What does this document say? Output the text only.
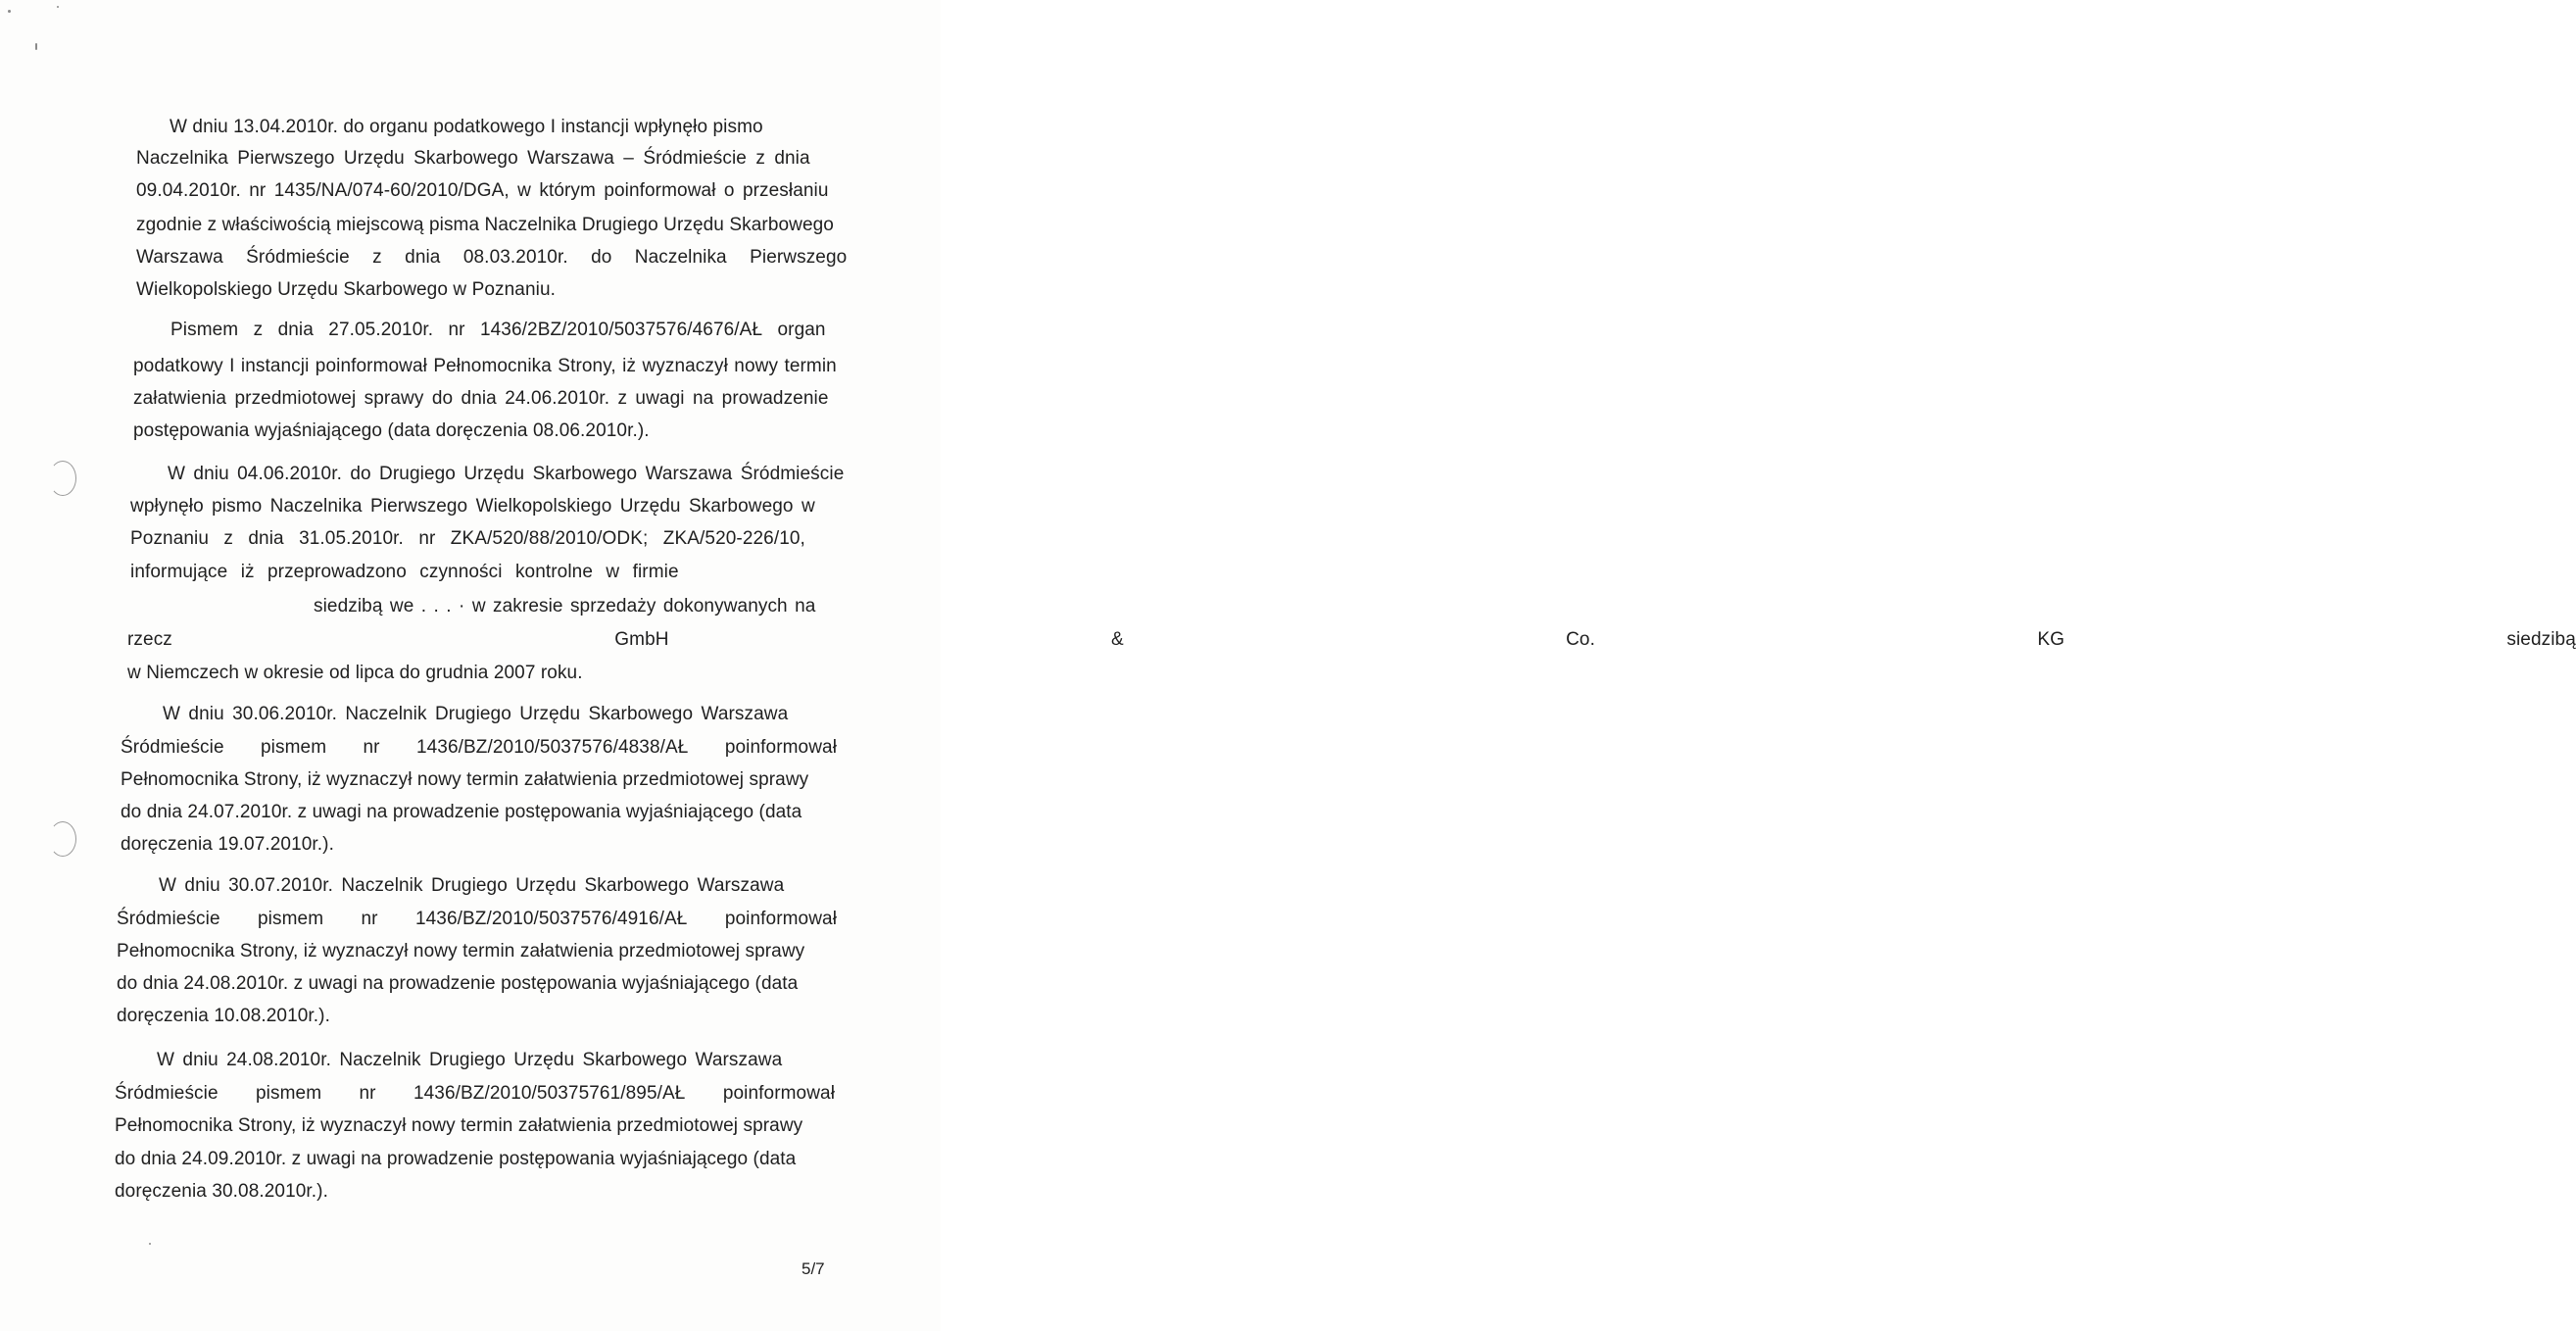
W dniu 13.04.2010r. do organu podatkowego I instancji wpłynęło pismo
Naczelnika Pierwszego Urzędu Skarbowego Warszawa – Śródmieście z dnia
09.04.2010r. nr 1435/NA/074-60/2010/DGA, w którym poinformował o przesłaniu
zgodnie z właściwością miejscową pisma Naczelnika Drugiego Urzędu Skarbowego
Warszawa Śródmieście z dnia 08.03.2010r. do Naczelnika Pierwszego
Wielkopolskiego Urzędu Skarbowego w Poznaniu.
Pismem z dnia 27.05.2010r. nr 1436/2BZ/2010/5037576/4676/AŁ organ
podatkowy I instancji poinformował Pełnomocnika Strony, iż wyznaczył nowy termin
załatwienia przedmiotowej sprawy do dnia 24.06.2010r. z uwagi na prowadzenie
postępowania wyjaśniającego (data doręczenia 08.06.2010r.).
W dniu 04.06.2010r. do Drugiego Urzędu Skarbowego Warszawa Śródmieście
wpłynęło pismo Naczelnika Pierwszego Wielkopolskiego Urzędu Skarbowego w
Poznaniu z dnia 31.05.2010r. nr ZKA/520/88/2010/ODK; ZKA/520-226/10,
informujące iż przeprowadzono czynności kontrolne w firmie
siedzibą we . . . · w zakresie sprzedaży dokonywanych na
rzecz GmbH & Co. KG siedzibą
w Niemczech w okresie od lipca do grudnia 2007 roku.
W dniu 30.06.2010r. Naczelnik Drugiego Urzędu Skarbowego Warszawa
Śródmieście pismem nr 1436/BZ/2010/5037576/4838/AŁ poinformował
Pełnomocnika Strony, iż wyznaczył nowy termin załatwienia przedmiotowej sprawy
do dnia 24.07.2010r. z uwagi na prowadzenie postępowania wyjaśniającego (data
doręczenia 19.07.2010r.).
W dniu 30.07.2010r. Naczelnik Drugiego Urzędu Skarbowego Warszawa
Śródmieście pismem nr 1436/BZ/2010/5037576/4916/AŁ poinformował
Pełnomocnika Strony, iż wyznaczył nowy termin załatwienia przedmiotowej sprawy
do dnia 24.08.2010r. z uwagi na prowadzenie postępowania wyjaśniającego (data
doręczenia 10.08.2010r.).
W dniu 24.08.2010r. Naczelnik Drugiego Urzędu Skarbowego Warszawa
Śródmieście pismem nr 1436/BZ/2010/50375761/895/AŁ poinformował
Pełnomocnika Strony, iż wyznaczył nowy termin załatwienia przedmiotowej sprawy
do dnia 24.09.2010r. z uwagi na prowadzenie postępowania wyjaśniającego (data
doręczenia 30.08.2010r.).
5/7
